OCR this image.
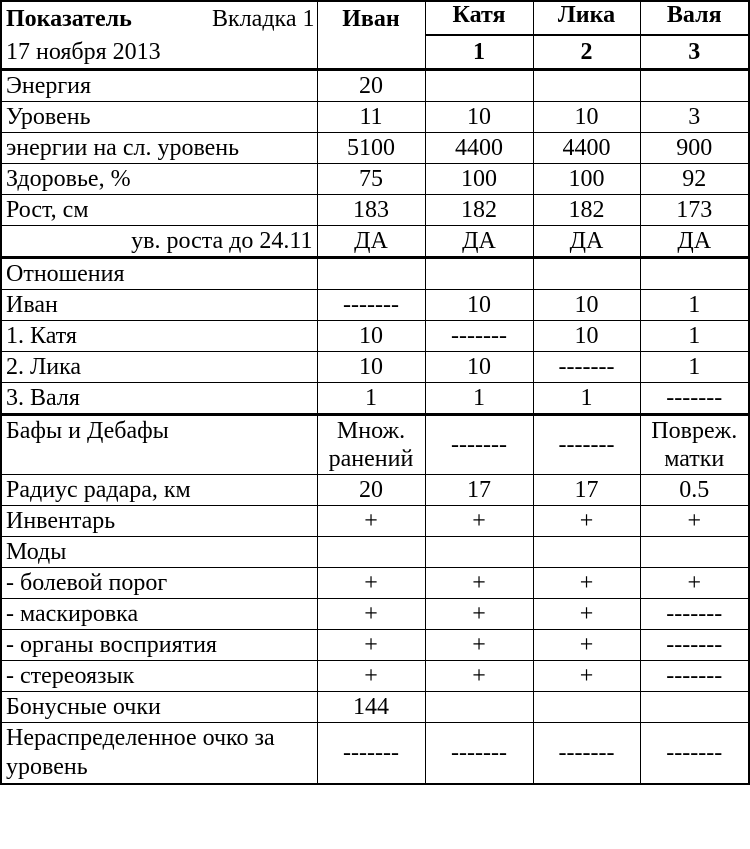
Показатель Вкладка 1
17 ноября 2013	Иван	Катя	Лика	Валя
		1	2	3
Энергия	20			
Уровень	11	10	10	3
энергии на сл. уровень	5100	4400	4400	900
Здоровье, %	75	100	100	92
Рост, см	183	182	182	173
ув. роста до 24.11	ДА	ДА	ДА	ДА
Отношения				
Иван	-------	10	10	1
1. Катя	10	-------	10	1
2. Лика	10	10	-------	1
3. Валя	1	1	1	-------
Бафы и Дебафы	Множ. ранений	-------	-------	Повреж. матки
Радиус радара, км	20	17	17	0.5
Инвентарь	+	+	+	+
Моды				
- болевой порог	+	+	+	+
- маскировка	+	+	+	-------
- органы восприятия	+	+	+	-------
- стереоязык	+	+	+	-------
Бонусные очки	144			
Нераспределенное очко за уровень	-------	-------	-------	-------
